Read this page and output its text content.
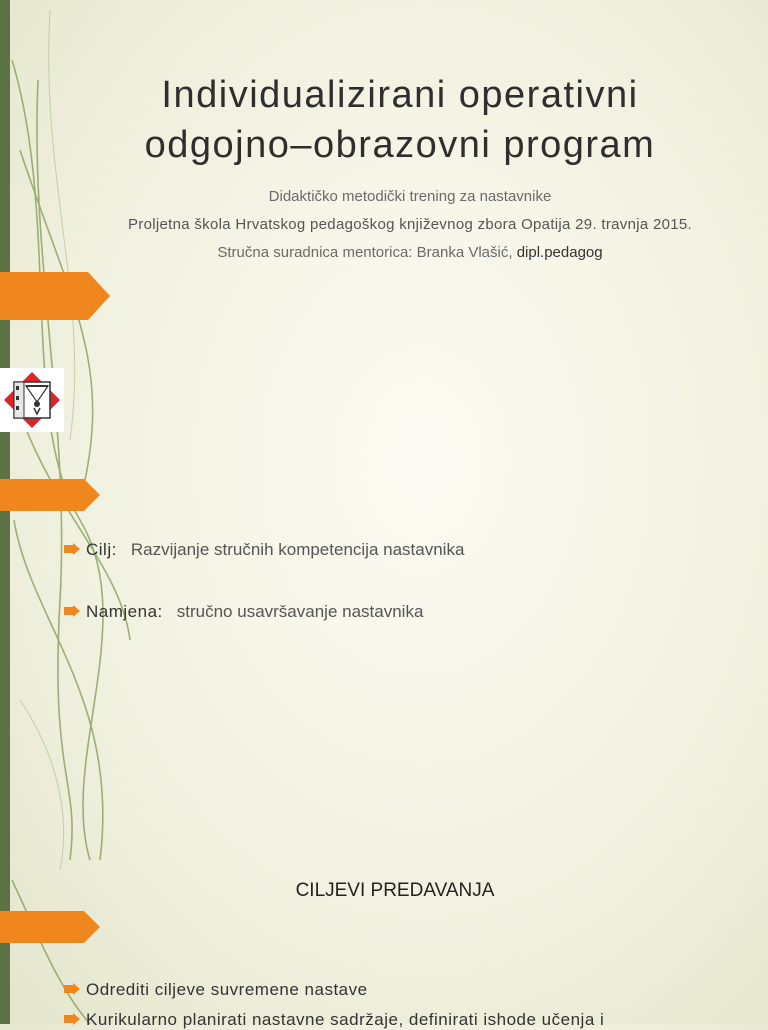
Individualizirani operativni
odgojno–obrazovni program

Didaktičko metodički trening za nastavnike

Proljetna škola Hrvatskog pedagoškog književnog zbora Opatija 29. travnja 2015.

Stručna suradnica mentorica: Branka Vlašić, dipl.pedagog

Cilj: Razvijanje stručnih kompetencija nastavnika
Namjena: stručno usavršavanje nastavnika
CILJEVI PREDAVANJA
Odrediti ciljeve suvremene nastave
Kurikularno planirati nastavne sadržaje, definirati ishode učenja i
